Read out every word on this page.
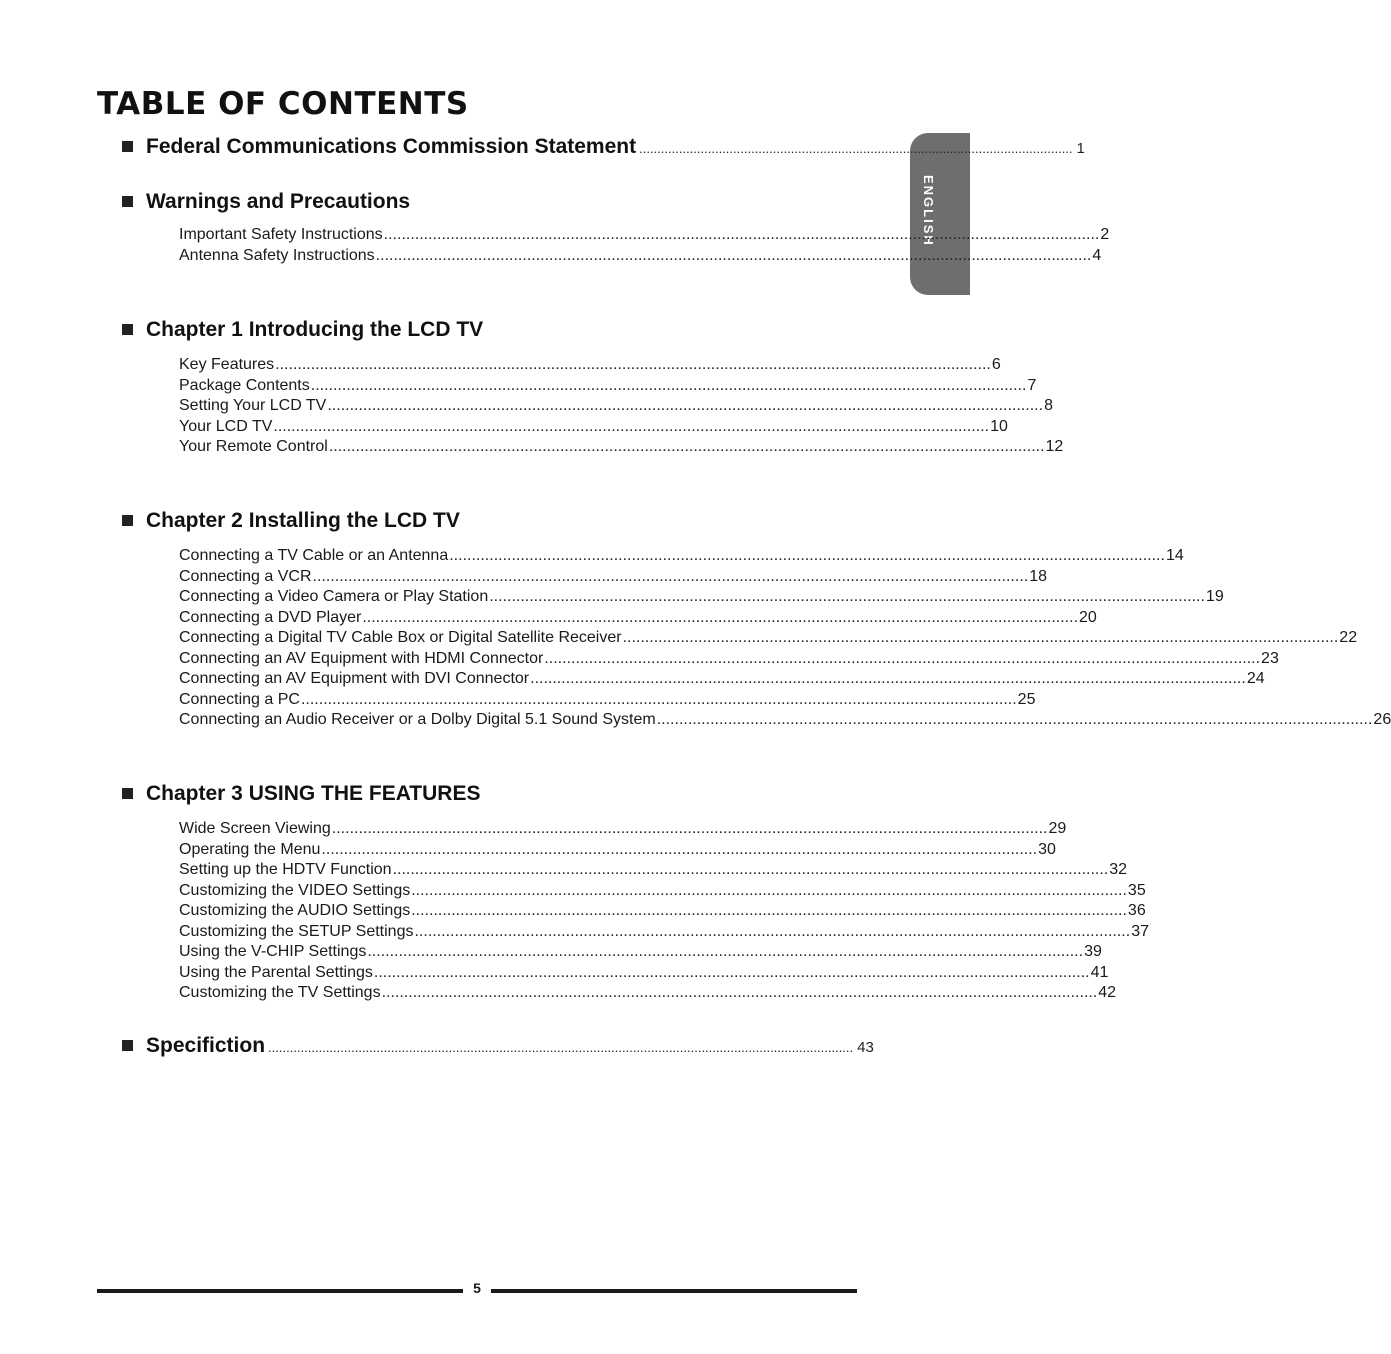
TABLE OF CONTENTS
ENGLISH
Federal Communications Commission Statement ........................................................................................................................ 1
Warnings and Precautions
Important Safety Instructions ................................................................................................................................................................. 2
Antenna Safety Instructions ................................................................................................................................................................. 4
Chapter 1 Introducing the LCD TV
Key Features ................................................................................................................................................................. 6
Package Contents ................................................................................................................................................................. 7
Setting Your LCD TV ................................................................................................................................................................. 8
Your LCD TV ................................................................................................................................................................. 10
Your Remote Control ................................................................................................................................................................. 12
Chapter 2 Installing the LCD TV
Connecting a TV Cable or an Antenna ................................................................................................................................................................. 14
Connecting a VCR ................................................................................................................................................................. 18
Connecting a Video Camera or Play Station ................................................................................................................................................................. 19
Connecting a DVD Player ................................................................................................................................................................. 20
Connecting a Digital TV Cable Box or Digital Satellite Receiver ................................................................................................................................................................. 22
Connecting an AV Equipment with HDMI Connector ................................................................................................................................................................. 23
Connecting an AV Equipment with DVI Connector ................................................................................................................................................................. 24
Connecting a PC ................................................................................................................................................................. 25
Connecting an Audio Receiver or a Dolby Digital 5.1 Sound System ................................................................................................................................................................. 26
Chapter 3 USING THE FEATURES
Wide Screen Viewing ................................................................................................................................................................. 29
Operating the Menu ................................................................................................................................................................. 30
Setting up the HDTV Function ................................................................................................................................................................. 32
Customizing the VIDEO Settings ................................................................................................................................................................. 35
Customizing the AUDIO Settings ................................................................................................................................................................. 36
Customizing the SETUP Settings ................................................................................................................................................................. 37
Using the V-CHIP Settings ................................................................................................................................................................. 39
Using the Parental Settings ................................................................................................................................................................. 41
Customizing the TV Settings ................................................................................................................................................................. 42
Specifiction .................................................................................................................................................................. 43
5
